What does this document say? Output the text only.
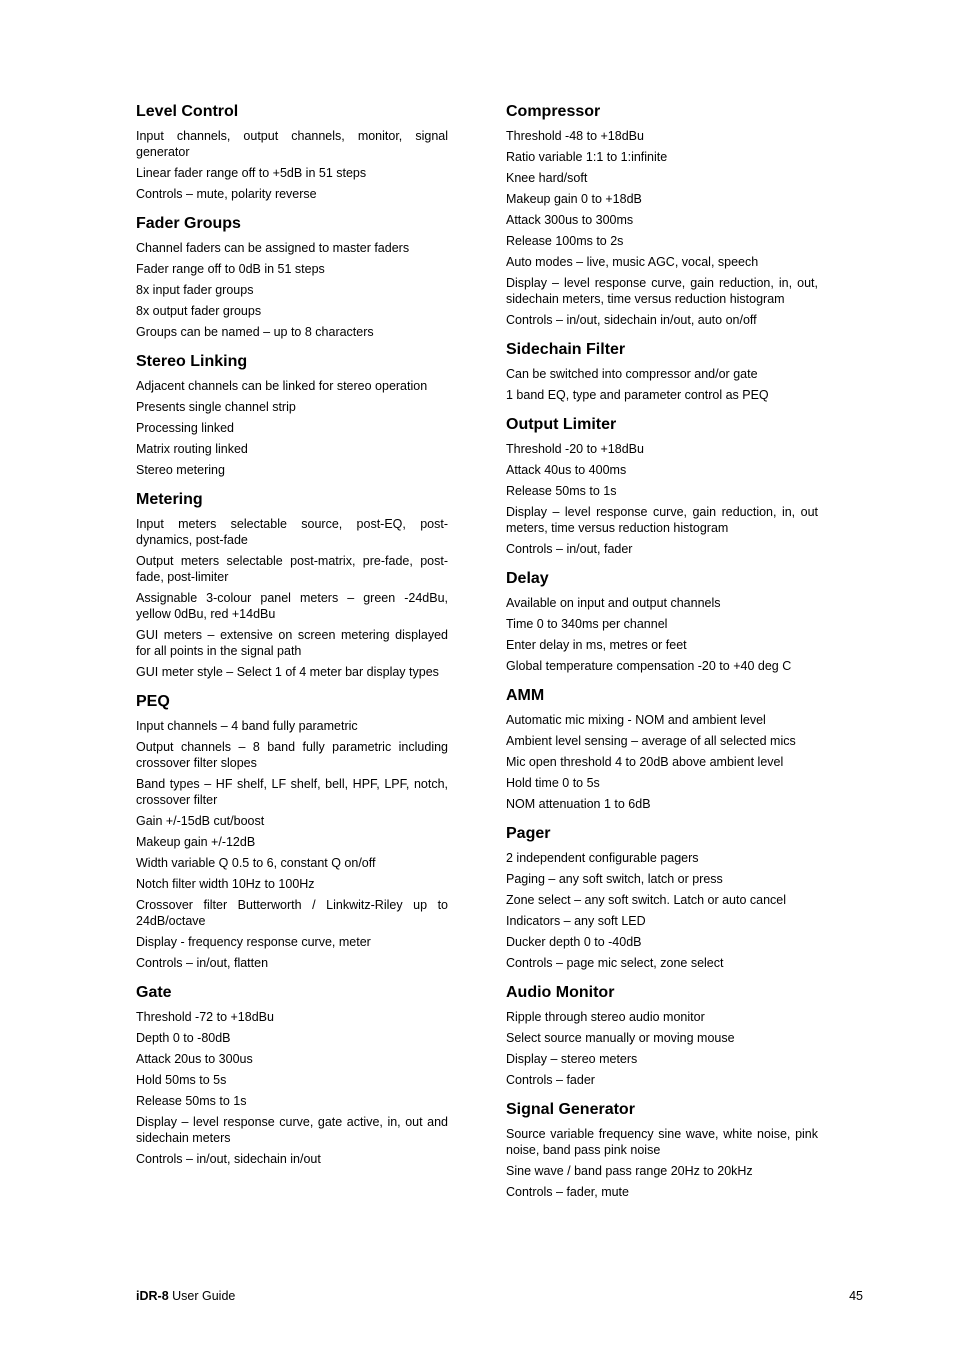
Level Control
Input channels, output channels, monitor, signal generator
Linear fader range off to +5dB in 51 steps
Controls – mute, polarity reverse
Fader Groups
Channel faders can be assigned to master faders
Fader range off to 0dB in 51 steps
8x input fader groups
8x output fader groups
Groups can be named – up to 8 characters
Stereo Linking
Adjacent channels can be linked for stereo operation
Presents single channel strip
Processing linked
Matrix routing linked
Stereo metering
Metering
Input meters selectable source, post-EQ, post-dynamics, post-fade
Output meters selectable post-matrix, pre-fade, post-fade, post-limiter
Assignable 3-colour panel meters – green -24dBu, yellow 0dBu, red +14dBu
GUI meters – extensive on screen metering displayed for all points in the signal path
GUI meter style – Select 1 of 4 meter bar display types
PEQ
Input channels – 4 band fully parametric
Output channels – 8 band fully parametric including crossover filter slopes
Band types – HF shelf, LF shelf, bell, HPF, LPF, notch, crossover filter
Gain +/-15dB cut/boost
Makeup gain +/-12dB
Width variable Q 0.5 to 6, constant Q on/off
Notch filter width 10Hz to 100Hz
Crossover filter Butterworth / Linkwitz-Riley up to 24dB/octave
Display - frequency response curve, meter
Controls – in/out, flatten
Gate
Threshold -72 to +18dBu
Depth 0 to -80dB
Attack 20us to 300us
Hold 50ms to 5s
Release 50ms to 1s
Display – level response curve, gate active, in, out and sidechain meters
Controls – in/out, sidechain in/out
Compressor
Threshold -48 to +18dBu
Ratio variable 1:1 to 1:infinite
Knee hard/soft
Makeup gain 0 to +18dB
Attack 300us to 300ms
Release 100ms to 2s
Auto modes – live, music AGC, vocal, speech
Display – level response curve, gain reduction, in, out, sidechain meters, time versus reduction histogram
Controls – in/out, sidechain in/out, auto on/off
Sidechain Filter
Can be switched into compressor and/or gate
1 band EQ, type and parameter control as PEQ
Output Limiter
Threshold -20 to +18dBu
Attack 40us to 400ms
Release 50ms to 1s
Display – level response curve, gain reduction, in, out meters, time versus reduction histogram
Controls – in/out, fader
Delay
Available on input and output channels
Time 0 to 340ms per channel
Enter delay in ms, metres or feet
Global temperature compensation -20 to +40 deg C
AMM
Automatic mic mixing - NOM and ambient level
Ambient level sensing – average of all selected mics
Mic open threshold 4 to 20dB above ambient level
Hold time 0 to 5s
NOM attenuation 1 to 6dB
Pager
2 independent configurable pagers
Paging – any soft switch, latch or press
Zone select – any soft switch. Latch or auto cancel
Indicators – any soft LED
Ducker depth 0 to -40dB
Controls – page mic select, zone select
Audio Monitor
Ripple through stereo audio monitor
Select source manually or moving mouse
Display – stereo meters
Controls – fader
Signal Generator
Source variable frequency sine wave, white noise, pink noise, band pass pink noise
Sine wave / band pass range 20Hz to 20kHz
Controls – fader, mute
iDR-8 User Guide	45
